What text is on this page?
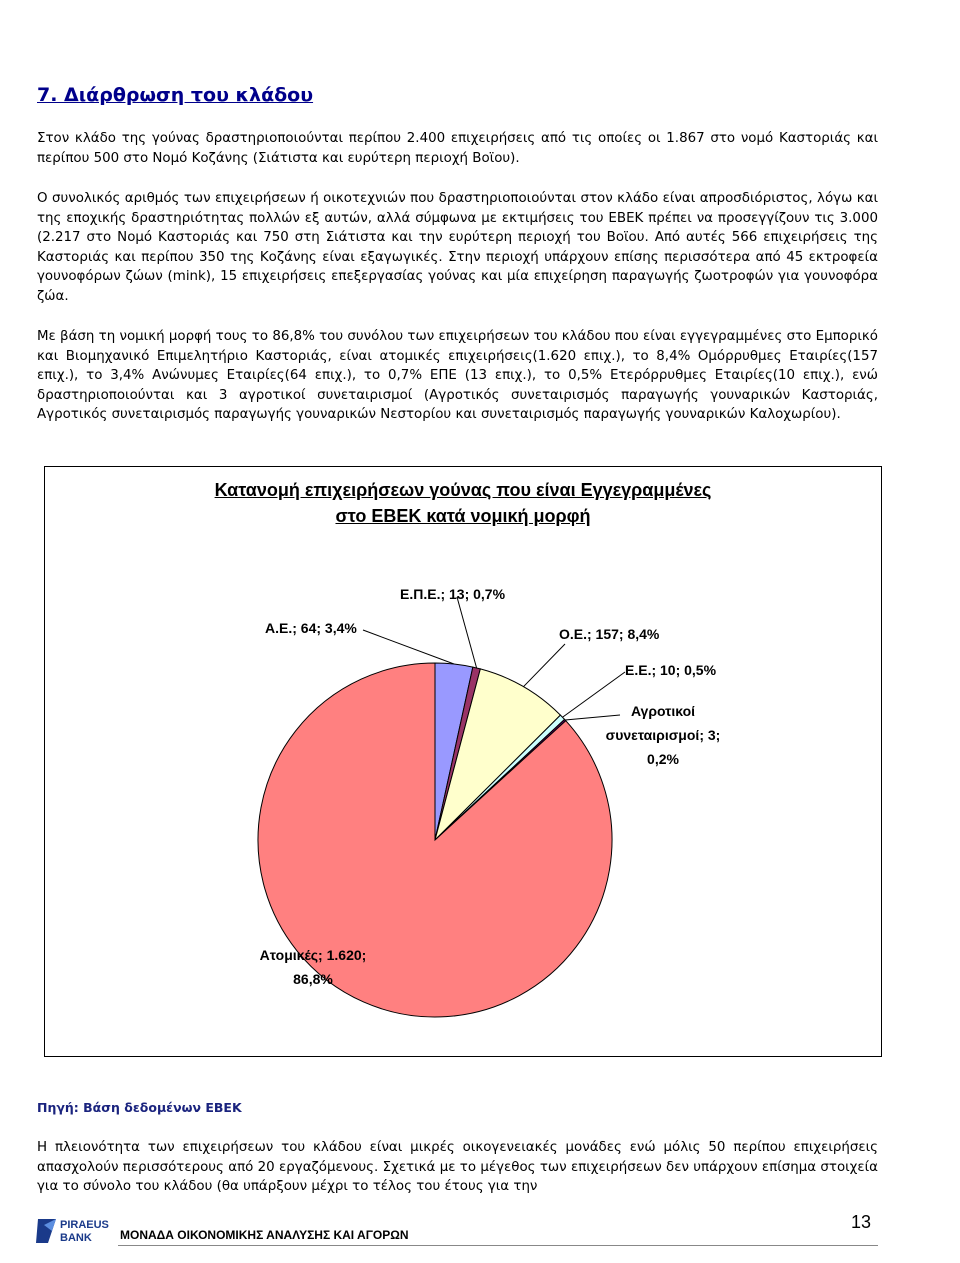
7. Διάρθρωση του κλάδου

Στον κλάδο της γούνας δραστηριοποιούνται περίπου 2.400 επιχειρήσεις από τις οποίες οι 1.867 στο νομό Καστοριάς και περίπου 500 στο Νομό Κοζάνης (Σιάτιστα και ευρύτερη περιοχή Βοϊου).

Ο συνολικός αριθμός των επιχειρήσεων ή οικοτεχνιών που δραστηριοποιούνται στον κλάδο είναι απροσδιόριστος, λόγω και της εποχικής δραστηριότητας πολλών εξ αυτών, αλλά σύμφωνα με εκτιμήσεις του ΕΒΕΚ πρέπει να προσεγγίζουν τις 3.000 (2.217 στο Νομό Καστοριάς και 750 στη Σιάτιστα και την ευρύτερη περιοχή του Βοϊου. Από αυτές 566 επιχειρήσεις της Καστοριάς και περίπου 350 της Κοζάνης είναι εξαγωγικές. Στην περιοχή υπάρχουν επίσης περισσότερα από 45 εκτροφεία γουνοφόρων ζώων (mink), 15 επιχειρήσεις επεξεργασίας γούνας και μία επιχείρηση παραγωγής ζωοτροφών για γουνοφόρα ζώα.

Με βάση τη νομική μορφή τους το 86,8% του συνόλου των επιχειρήσεων του κλάδου που είναι εγγεγραμμένες στο Εμπορικό και Βιομηχανικό Επιμελητήριο Καστοριάς, είναι ατομικές επιχειρήσεις(1.620 επιχ.), το 8,4% Ομόρρυθμες Εταιρίες(157 επιχ.), το 3,4% Ανώνυμες Εταιρίες(64 επιχ.), το 0,7% ΕΠΕ (13 επιχ.), το 0,5% Ετερόρρυθμες Εταιρίες(10 επιχ.), ενώ δραστηριοποιούνται και 3 αγροτικοί συνεταιρισμοί (Αγροτικός συνεταιρισμός παραγωγής γουναρικών Καστοριάς, Αγροτικός συνεταιρισμός παραγωγής γουναρικών Νεστορίου και συνεταιρισμός παραγωγής γουναρικών Καλοχωρίου).

Κατανομή επιχειρήσεων γούνας που είναι Εγγεγραμμένες
στο ΕΒΕΚ κατά νομική μορφή
Ε.Π.Ε.; 13; 0,7%
Α.Ε.; 64; 3,4%	Ο.Ε.; 157; 8,4%
Ε.Ε.; 10; 0,5%
Αγροτικοί
συνεταιρισμοί; 3;
0,2%
Ατομικές; 1.620;
86,8%
Πηγή: Βάση δεδομένων ΕΒΕΚ

Η πλειονότητα των επιχειρήσεων του κλάδου είναι μικρές οικογενειακές μονάδες ενώ μόλις 50 περίπου επιχειρήσεις απασχολούν περισσότερους από 20 εργαζόμενους. Σχετικά με το μέγεθος των επιχειρήσεων δεν υπάρχουν επίσημα στοιχεία για το σύνολο του κλάδου (θα υπάρξουν μέχρι το τέλος του έτους για την

PIRAEUS
BANK ΜΟΝΑΔΑ ΟΙΚΟΝΟΜΙΚΗΣ ΑΝΑΛΥΣΗΣ ΚΑΙ ΑΓΟΡΩΝ
13
